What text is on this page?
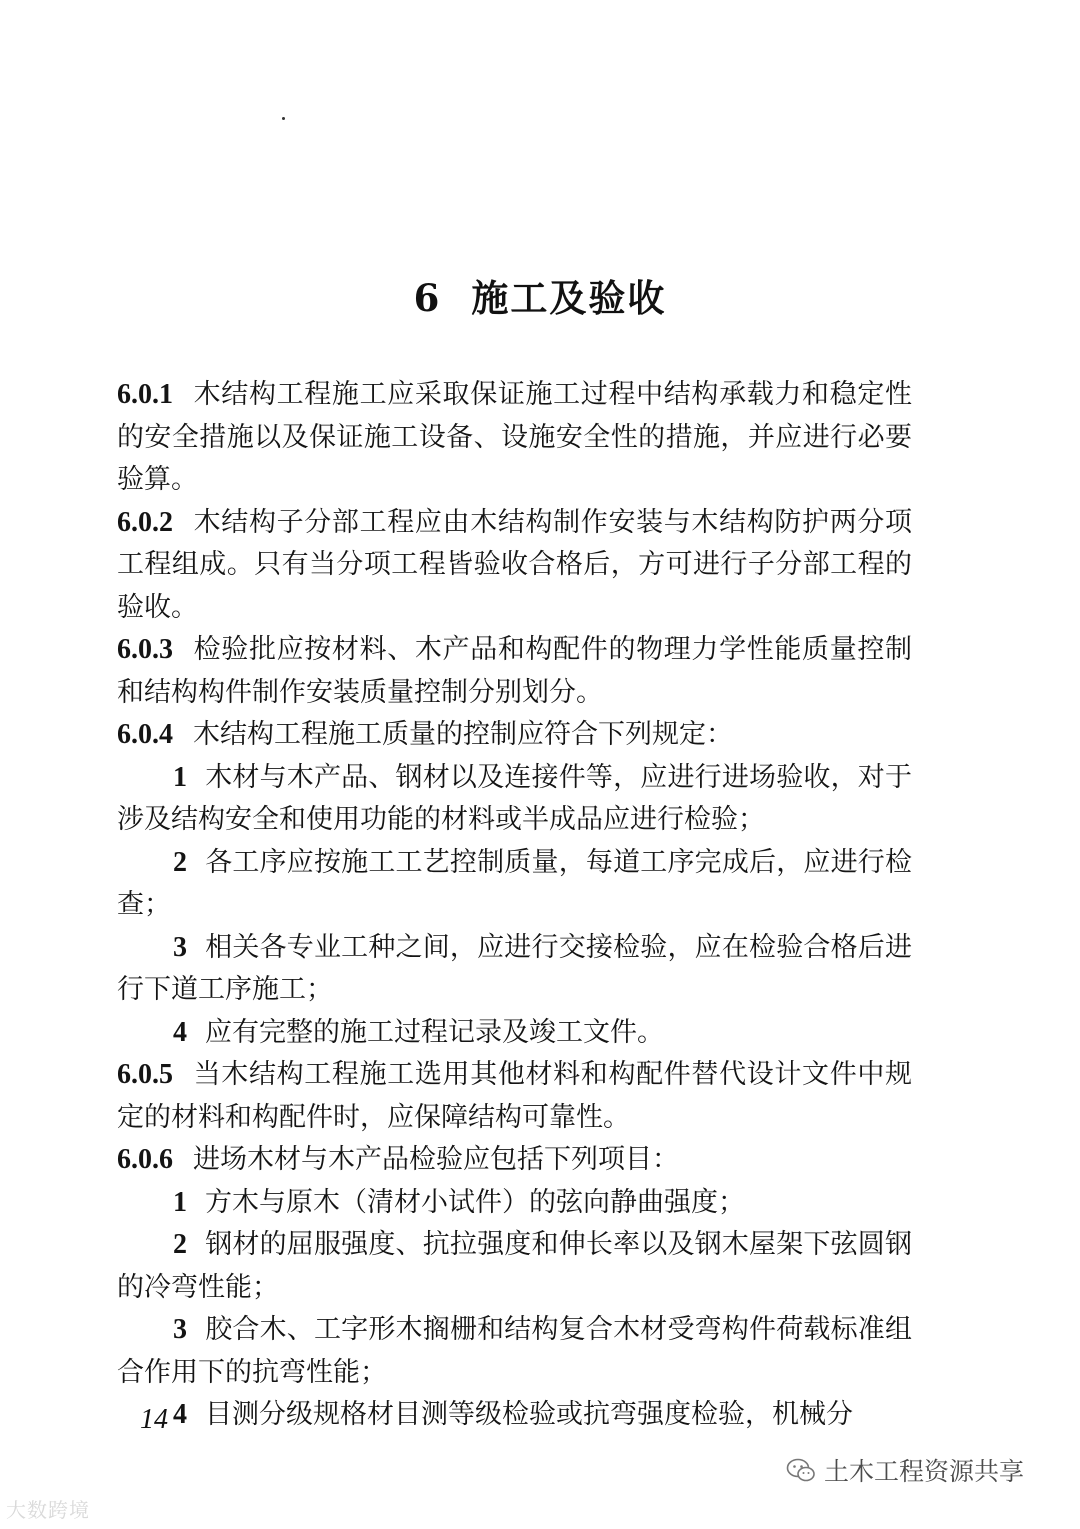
6 施工及验收

6.0.1 木结构工程施工应采取保证施工过程中结构承载力和稳定性的安全措施以及保证施工设备、设施安全性的措施，并应进行必要验算。

6.0.2 木结构子分部工程应由木结构制作安装与木结构防护两分项工程组成。只有当分项工程皆验收合格后，方可进行子分部工程的验收。

6.0.3 检验批应按材料、木产品和构配件的物理力学性能质量控制和结构构件制作安装质量控制分别划分。

6.0.4 木结构工程施工质量的控制应符合下列规定：

1 木材与木产品、钢材以及连接件等，应进行进场验收，对于涉及结构安全和使用功能的材料或半成品应进行检验；

2 各工序应按施工工艺控制质量，每道工序完成后，应进行检查；

3 相关各专业工种之间，应进行交接检验，应在检验合格后进行下道工序施工；

4 应有完整的施工过程记录及竣工文件。

6.0.5 当木结构工程施工选用其他材料和构配件替代设计文件中规定的材料和构配件时，应保障结构可靠性。

6.0.6 进场木材与木产品检验应包括下列项目：

1 方木与原木（清材小试件）的弦向静曲强度；

2 钢材的屈服强度、抗拉强度和伸长率以及钢木屋架下弦圆钢的冷弯性能；

3 胶合木、工字形木搁栅和结构复合木材受弯构件荷载标准组合作用下的抗弯性能；

4 目测分级规格材目测等级检验或抗弯强度检验，机械分

14
大数跨境
土木工程资源共享
